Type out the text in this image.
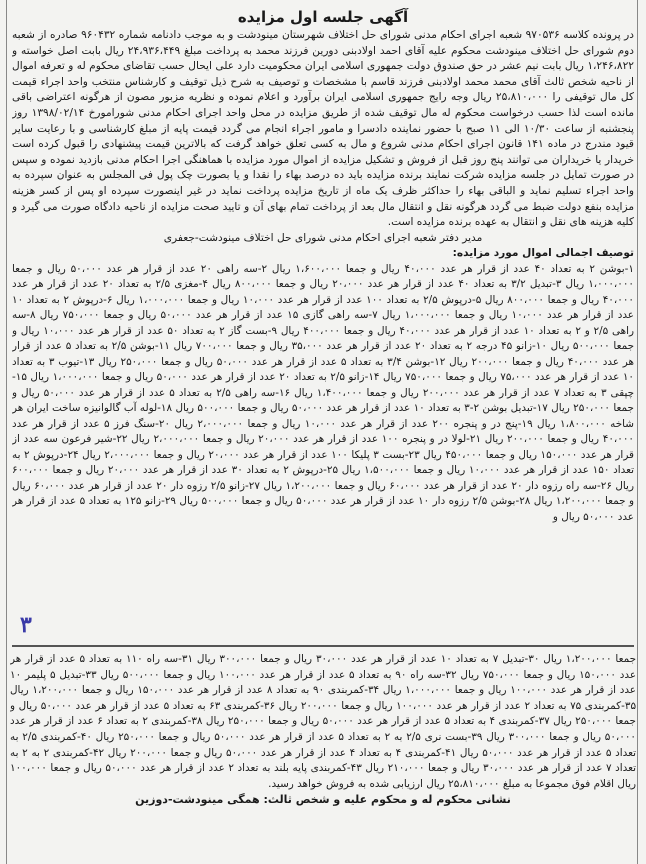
آگهی جلسه اول مزایده

در پرونده کلاسه ۹۷۰۵۳۶ شعبه اجرای احکام مدنی شورای حل اختلاف شهرستان مینودشت و به موجب دادنامه شماره ۹۶۰۴۳۲ صادره از شعبه دوم شورای حل اختلاف مینودشت محکوم علیه آقای احمد اولادبنی دورین فرزند محمد به پرداخت مبلغ ۲۴،۹۳۶،۴۴۹ ریال بابت اصل خواسته و ۱،۲۴۶،۸۲۲ ریال بابت نیم عشر در حق صندوق دولت جمهوری اسلامی ایران محکومیت دارد علی ایحال حسب تقاضای محکوم له و تعرفه اموال از ناحیه شخص ثالث آقای محمد محمد اولادبنی فرزند قاسم با مشخصات و توصیف به شرح ذیل توقیف و کارشناس منتخب واحد اجراء قیمت کل مال توقیفی را ۲۵،۸۱۰،۰۰۰ ریال وجه رایج جمهوری اسلامی ایران برآورد و اعلام نموده و نظریه مزبور مصون از هرگونه اعتراضی باقی مانده است لذا حسب درخواست محکوم له مال توقیف شده از طریق مزایده در محل واحد اجرای احکام مدنی شورامورخ ۱۳۹۸/۰۲/۱۴ روز پنجشنبه از ساعت ۱۰/۳۰ الی ۱۱ صبح با حضور نماینده دادسرا و مامور اجراء انجام می گردد قیمت پایه از مبلغ کارشناسی و با رعایت سایر قیود مندرج در ماده ۱۴۱ قانون اجرای احکام مدنی شروع و مال به کسی تعلق خواهد گرفت که بالاترین قیمت پیشنهادی را قبول کرده است خریدار یا خریداران می توانند پنج روز قبل از فروش و تشکیل مزایده از اموال مورد مزایده با هماهنگی اجرا احکام مدنی بازدید نموده و سپس در صورت تمایل در جلسه مزایده شرکت نمایند برنده مزایده باید ده درصد بهاء را نقدا و یا بصورت چک پول فی المجلس به عنوان سپرده به واحد اجراء تسلیم نماید و الباقی بهاء را حداکثر ظرف یک ماه از تاریخ مزایده پرداخت نماید در غیر اینصورت سپرده او پس از کسر هزینه مزایده بنفع دولت ضبط می گردد هرگونه نقل و انتقال مال بعد از پرداخت تمام بهای آن و تایید صحت مزایده از ناحیه دادگاه صورت می گیرد و کلیه هزینه های نقل و انتقال به عهده برنده مزایده است.

مدیر دفتر شعبه اجرای احکام مدنی شورای حل اختلاف مینودشت-جعفری

توصیف اجمالی اموال مورد مزایده:

۱-بوشن ۲ به تعداد ۴۰ عدد از قرار هر عدد ۴۰،۰۰۰ ریال و جمعا ۱،۶۰۰،۰۰۰ ریال ۲-سه راهی ۲۰ عدد از قرار هر عدد ۵۰،۰۰۰ ریال و جمعا ۱،۰۰۰،۰۰۰ ریال ۳-تبدیل ۳/۲ به تعداد ۴۰ عدد از قرار هر عدد ۲۰،۰۰۰ ریال و جمعا ۸۰۰،۰۰۰ ریال ۴-مغزی ۲/۵ به تعداد ۲۰ عدد از قرار هر عدد ۴۰،۰۰۰ ریال و جمعا ۸۰۰،۰۰۰ ریال ۵-درپوش ۲/۵ به تعداد ۱۰۰ عدد از قرار هر عدد ۱۰،۰۰۰ ریال و جمعا ۱،۰۰۰،۰۰۰ ریال ۶-درپوش ۲ به تعداد ۱۰ عدد از قرار هر عدد ۱۰،۰۰۰ ریال و جمعا ۱،۰۰۰،۰۰۰ ریال ۷-سه راهی گازی ۱۵ عدد از قرار هر عدد ۵۰،۰۰۰ ریال و جمعا ۷۵۰،۰۰۰ ریال ۸-سه راهی ۲/۵ و ۲ به تعداد ۱۰ عدد از قرار هر عدد ۴۰،۰۰۰ ریال و جمعا ۴۰۰،۰۰۰ ریال ۹-بست گاز ۲ به تعداد ۵۰ عدد از قرار هر عدد ۱۰،۰۰۰ ریال و جمعا ۵۰۰،۰۰۰ ریال ۱۰-زانو ۴۵ درجه ۲ به تعداد ۲۰ عدد از قرار هر عدد ۳۵،۰۰۰ ریال و جمعا ۷۰۰،۰۰۰ ریال ۱۱-بوشن ۲/۵ به تعداد ۵ عدد از قرار هر عدد ۴۰،۰۰۰ ریال و جمعا ۲۰۰،۰۰۰ ریال ۱۲-بوشن ۳/۴ به تعداد ۵ عدد از قرار هر عدد ۵۰،۰۰۰ ریال و جمعا ۲۵۰،۰۰۰ ریال ۱۳-تیوب ۳ به تعداد ۱۰ عدد از قرار هر عدد ۷۵،۰۰۰ ریال و جمعا ۷۵۰،۰۰۰ ریال ۱۴-زانو ۲/۵ به تعداد ۲۰ عدد از قرار هر عدد ۵۰،۰۰۰ ریال و جمعا ۱،۰۰۰،۰۰۰ ریال ۱۵-چپقی ۳ به تعداد ۷ عدد از قرار هر عدد ۲۰۰،۰۰۰ ریال و جمعا ۱،۴۰۰،۰۰۰ ریال ۱۶-سه راهی ۲/۵ به تعداد ۵ عدد از قرار هر عدد ۵۰،۰۰۰ ریال و جمعا ۲۵۰،۰۰۰ ریال ۱۷-تبدیل بوشن ۲-۳ به تعداد ۱۰ عدد از قرار هر عدد ۵۰،۰۰۰ ریال و جمعا ۵۰۰،۰۰۰ ریال ۱۸-لوله آب گالوانیزه ساخت ایران هر شاخه ۱،۸۰۰،۰۰۰ ریال ۱۹-پنج در و پنجره ۲۰۰ عدد از قرار هر عدد ۱۰،۰۰۰ ریال و جمعا ۲،۰۰۰،۰۰۰ ریال ۲۰-سنگ فرز ۵ عدد از قرار هر عدد ۴۰،۰۰۰ ریال و جمعا ۲۰۰،۰۰۰ ریال ۲۱-لولا در و پنجره ۱۰۰ عدد از قرار هر عدد ۲۰،۰۰۰ ریال و جمعا ۲،۰۰۰،۰۰۰ ریال ۲۲-شیر فرعون سه عدد از قرار هر عدد ۱۵۰،۰۰۰ ریال و جمعا ۴۵۰،۰۰۰ ریال ۲۳-بست ۳ پلیکا ۱۰۰ عدد از قرار هر عدد ۲۰،۰۰۰ ریال و جمعا ۲،۰۰۰،۰۰۰ ریال ۲۴-درپوش ۲ به تعداد ۱۵۰ عدد از قرار هر عدد ۱۰،۰۰۰ ریال و جمعا ۱،۵۰۰،۰۰۰ ریال ۲۵-درپوش ۲ به تعداد ۳۰ عدد از قرار هر عدد ۲۰،۰۰۰ ریال و جمعا ۶۰۰،۰۰۰ ریال ۲۶-سه راه رزوه دار ۲۰ عدد از قرار هر عدد ۶۰،۰۰۰ ریال و جمعا ۱،۲۰۰،۰۰۰ ریال ۲۷-زانو ۲/۵ رزوه دار ۲۰ عدد از قرار هر عدد ۶۰،۰۰۰ ریال و جمعا ۱،۲۰۰،۰۰۰ ریال ۲۸-بوشن ۲/۵ رزوه دار ۱۰ عدد از قرار هر عدد ۵۰،۰۰۰ ریال و جمعا ۵۰۰،۰۰۰ ریال ۲۹-زانو ۱۲۵ به تعداد ۵ عدد از قرار هر عدد ۵۰،۰۰۰ ریال و

۳

جمعا ۱،۲۰۰،۰۰۰ ریال ۳۰-تبدیل ۷ به تعداد ۱۰ عدد از قرار هر عدد ۳۰،۰۰۰ ریال و جمعا ۳۰۰،۰۰۰ ریال ۳۱-سه راه ۱۱۰ به تعداد ۵ عدد از قرار هر عدد ۱۵۰،۰۰۰ ریال و جمعا ۷۵۰،۰۰۰ ریال ۳۲-سه راه ۹۰ به تعداد ۵ عدد از قرار هر عدد ۱۰۰،۰۰۰ ریال و جمعا ۵۰۰،۰۰۰ ریال ۳۳-تبدیل ۵ پلیمر ۱۰ عدد از قرار هر عدد ۱۰۰،۰۰۰ ریال و جمعا ۱،۰۰۰،۰۰۰ ریال ۳۴-کمربندی ۹۰ به تعداد ۸ عدد از قرار هر عدد ۱۵۰،۰۰۰ ریال و جمعا ۱،۲۰۰،۰۰۰ ریال ۳۵-کمربندی ۷۵ به تعداد ۲ عدد از قرار هر عدد ۱۰۰،۰۰۰ ریال و جمعا ۲۰۰،۰۰۰ ریال ۳۶-کمربندی ۶۳ به تعداد ۵ عدد از قرار هر عدد ۵۰،۰۰۰ ریال و جمعا ۲۵۰،۰۰۰ ریال ۳۷-کمربندی ۴ به تعداد ۵ عدد از قرار هر عدد ۵۰،۰۰۰ ریال و جمعا ۲۵۰،۰۰۰ ریال ۳۸-کمربندی ۲ به تعداد ۶ عدد از قرار هر عدد ۵۰،۰۰۰ ریال و جمعا ۳۰۰،۰۰۰ ریال ۳۹-بست نری ۲/۵ به ۲ به تعداد ۵ عدد از قرار هر عدد ۵۰،۰۰۰ ریال و جمعا ۲۵۰،۰۰۰ ریال ۴۰-کمربندی ۲/۵ به تعداد ۵ عدد از قرار هر عدد ۵۰،۰۰۰ ریال ۴۱-کمربندی ۴ به تعداد ۴ عدد از قرار هر عدد ۵۰،۰۰۰ ریال و جمعا ۲۰۰،۰۰۰ ریال ۴۲-کمربندی ۲ به ۲ به تعداد ۷ عدد از قرار هر عدد ۳۰،۰۰۰ ریال و جمعا ۲۱۰،۰۰۰ ریال ۴۳-کمربندی پایه بلند به تعداد ۲ عدد از قرار هر عدد ۵۰،۰۰۰ ریال و جمعا ۱۰۰،۰۰۰ ریال اقلام فوق مجموعا به مبلغ ۲۵،۸۱۰،۰۰۰ ریال ارزیابی شده به فروش خواهد رسید.

نشانی محکوم له و محکوم علیه و شخص ثالث: همگی مینودشت-دوزین
